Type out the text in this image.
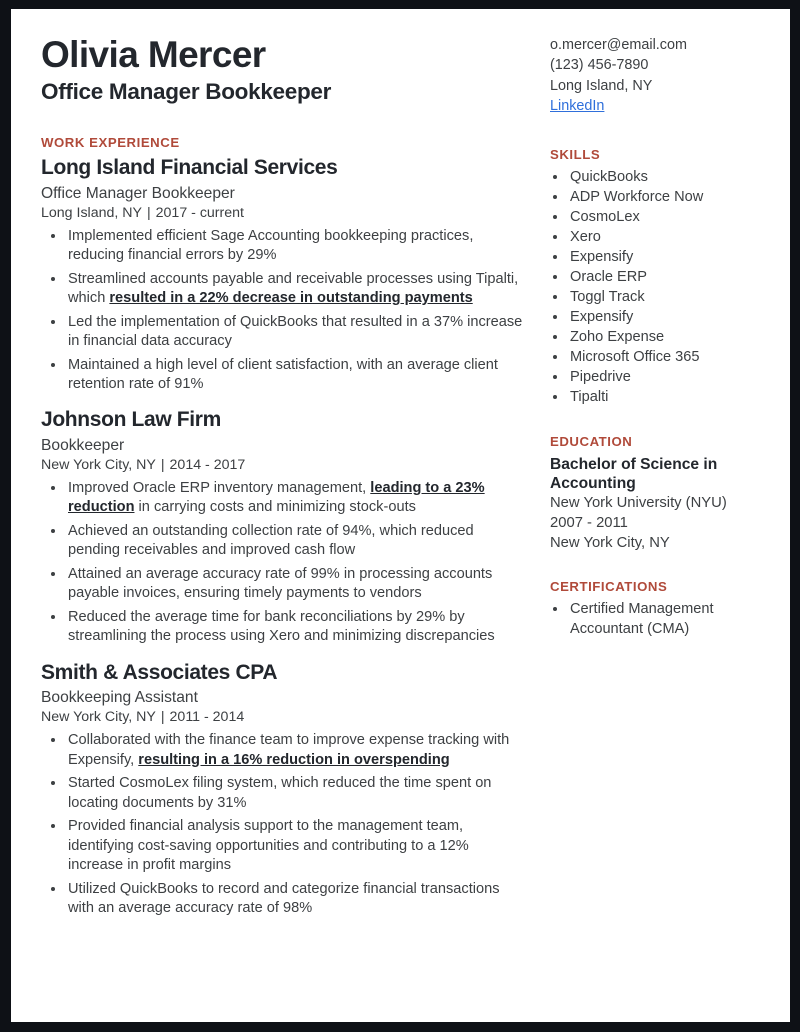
Olivia Mercer
Office Manager Bookkeeper
WORK EXPERIENCE
Long Island Financial Services
Office Manager Bookkeeper
Long Island, NY | 2017 - current
• Implemented efficient Sage Accounting bookkeeping practices, reducing financial errors by 29%
• Streamlined accounts payable and receivable processes using Tipalti, which resulted in a 22% decrease in outstanding payments
• Led the implementation of QuickBooks that resulted in a 37% increase in financial data accuracy
• Maintained a high level of client satisfaction, with an average client retention rate of 91%
Johnson Law Firm
Bookkeeper
New York City, NY | 2014 - 2017
• Improved Oracle ERP inventory management, leading to a 23% reduction in carrying costs and minimizing stock-outs
• Achieved an outstanding collection rate of 94%, which reduced pending receivables and improved cash flow
• Attained an average accuracy rate of 99% in processing accounts payable invoices, ensuring timely payments to vendors
• Reduced the average time for bank reconciliations by 29% by streamlining the process using Xero and minimizing discrepancies
Smith & Associates CPA
Bookkeeping Assistant
New York City, NY | 2011 - 2014
• Collaborated with the finance team to improve expense tracking with Expensify, resulting in a 16% reduction in overspending
• Started CosmoLex filing system, which reduced the time spent on locating documents by 31%
• Provided financial analysis support to the management team, identifying cost-saving opportunities and contributing to a 12% increase in profit margins
• Utilized QuickBooks to record and categorize financial transactions with an average accuracy rate of 98%
o.mercer@email.com
(123) 456-7890
Long Island, NY
LinkedIn
SKILLS
• QuickBooks
• ADP Workforce Now
• CosmoLex
• Xero
• Expensify
• Oracle ERP
• Toggl Track
• Expensify
• Zoho Expense
• Microsoft Office 365
• Pipedrive
• Tipalti
EDUCATION
Bachelor of Science in Accounting
New York University (NYU)
2007 - 2011
New York City, NY
CERTIFICATIONS
• Certified Management Accountant (CMA)
